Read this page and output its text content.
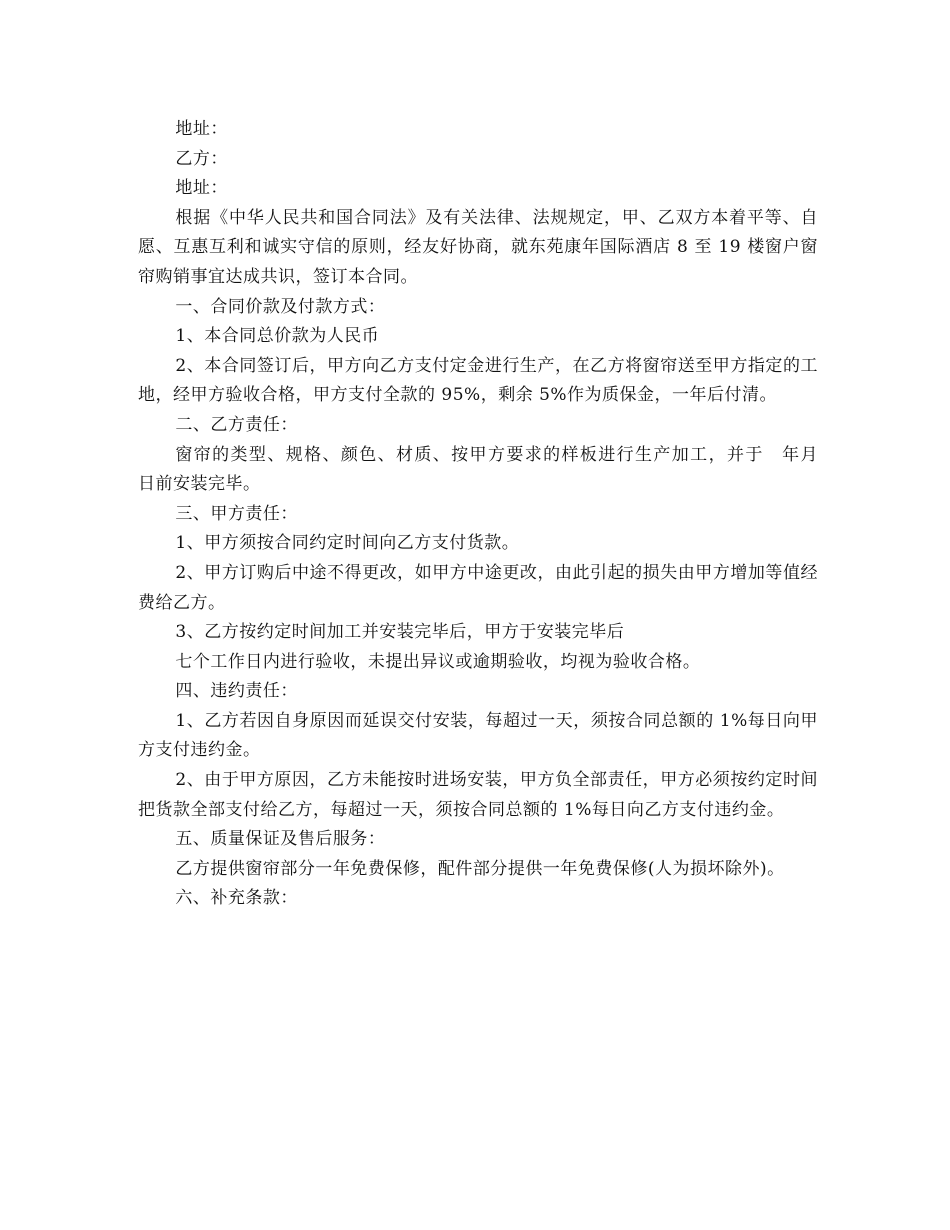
地址：

乙方：

地址：

根据《中华人民共和国合同法》及有关法律、法规规定，甲、乙双方本着平等、自愿、互惠互利和诚实守信的原则，经友好协商，就东苑康年国际酒店 8 至 19 楼窗户窗帘购销事宜达成共识，签订本合同。

一、合同价款及付款方式：

1、本合同总价款为人民币

2、本合同签订后，甲方向乙方支付定金进行生产，在乙方将窗帘送至甲方指定的工地，经甲方验收合格，甲方支付全款的 95%，剩余 5%作为质保金，一年后付清。

二、乙方责任：

窗帘的类型、规格、颜色、材质、按甲方要求的样板进行生产加工，并于　年月　日前安装完毕。

三、甲方责任：

1、甲方须按合同约定时间向乙方支付货款。

2、甲方订购后中途不得更改，如甲方中途更改，由此引起的损失由甲方增加等值经费给乙方。

3、乙方按约定时间加工并安装完毕后，甲方于安装完毕后

七个工作日内进行验收，未提出异议或逾期验收，均视为验收合格。

四、违约责任：

1、乙方若因自身原因而延误交付安装，每超过一天，须按合同总额的 1%每日向甲方支付违约金。

2、由于甲方原因，乙方未能按时进场安装，甲方负全部责任，甲方必须按约定时间把货款全部支付给乙方，每超过一天，须按合同总额的 1%每日向乙方支付违约金。

五、质量保证及售后服务：

乙方提供窗帘部分一年免费保修，配件部分提供一年免费保修(人为损坏除外)。

六、补充条款：
